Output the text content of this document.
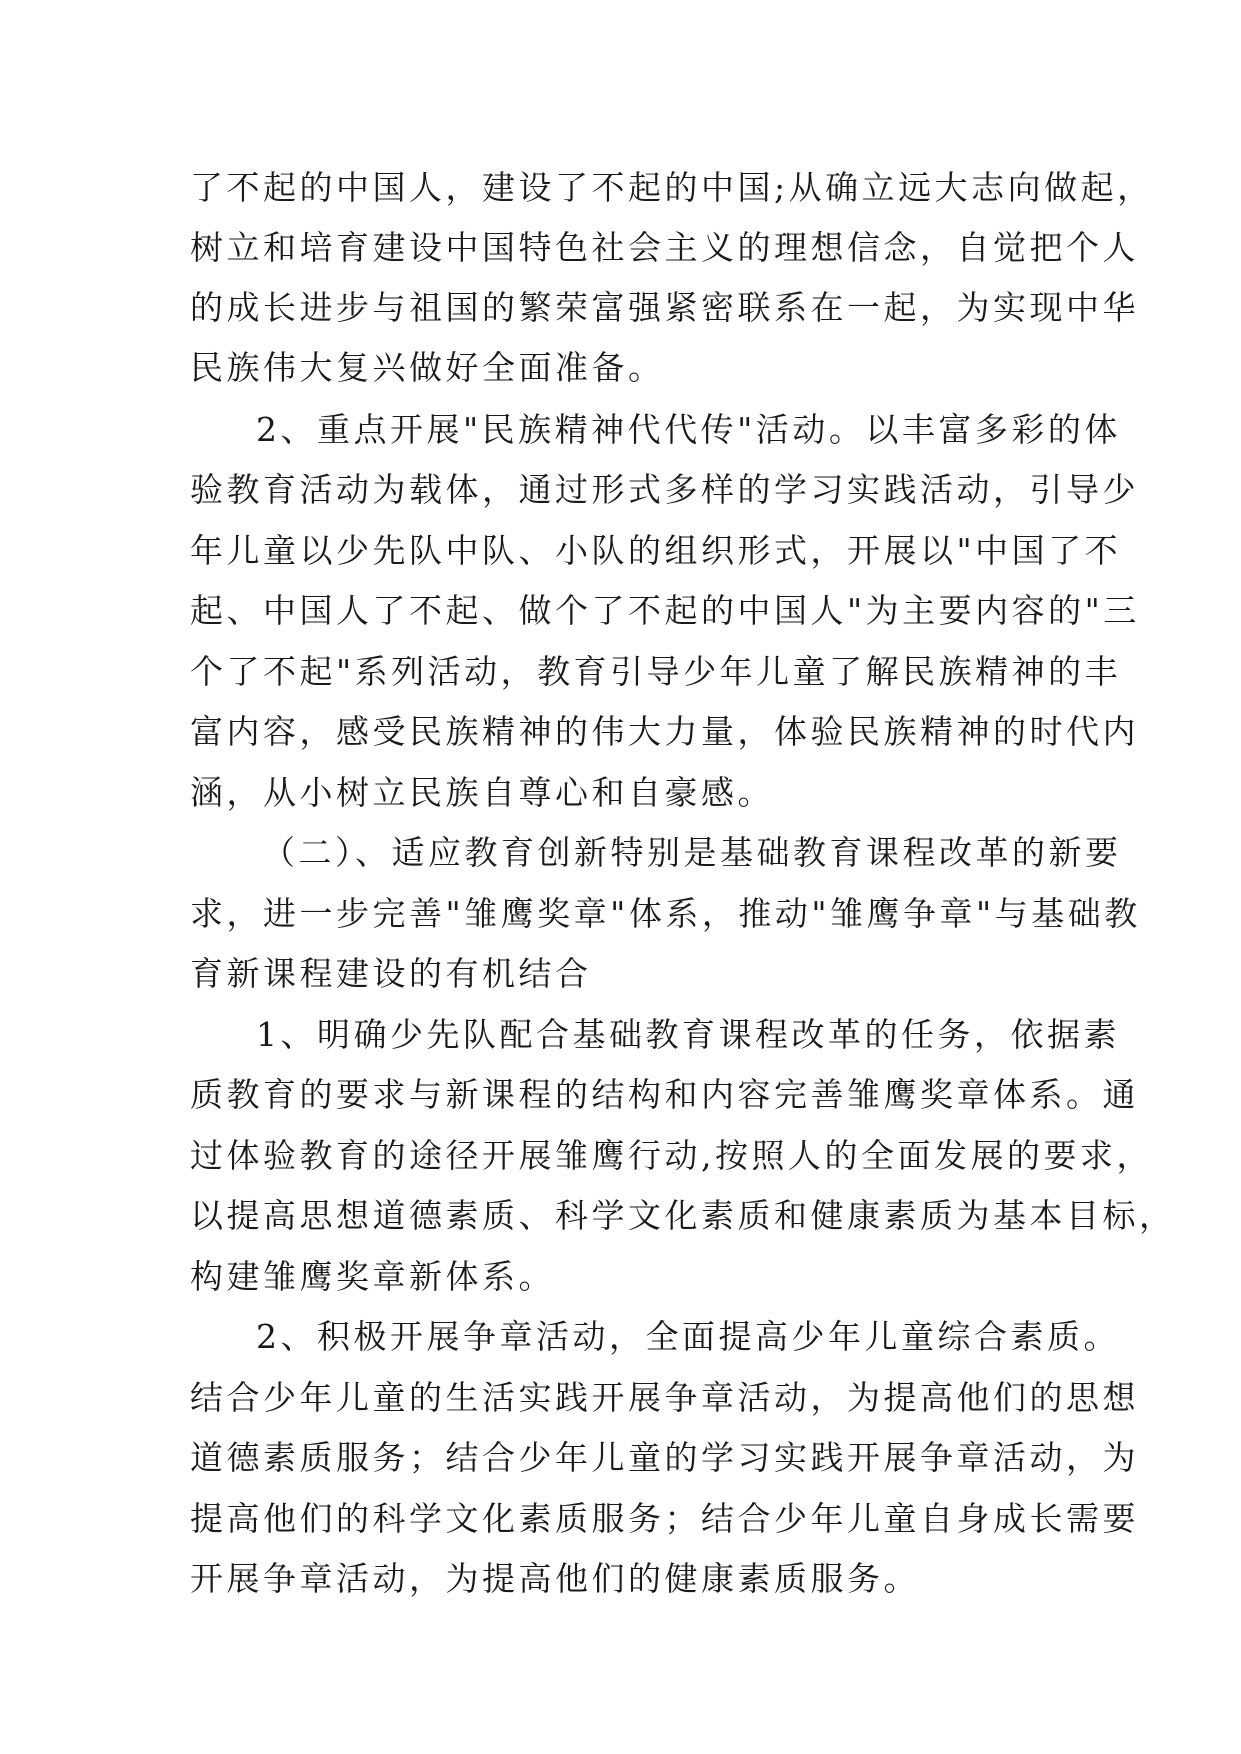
了不起的中国人，建设了不起的中国;从确立远大志向做起，
树立和培育建设中国特色社会主义的理想信念，自觉把个人
的成长进步与祖国的繁荣富强紧密联系在一起，为实现中华
民族伟大复兴做好全面准备。
2、重点开展"民族精神代代传"活动。以丰富多彩的体
验教育活动为载体，通过形式多样的学习实践活动，引导少
年儿童以少先队中队、小队的组织形式，开展以"中国了不
起、中国人了不起、做个了不起的中国人"为主要内容的"三
个了不起"系列活动，教育引导少年儿童了解民族精神的丰
富内容，感受民族精神的伟大力量，体验民族精神的时代内
涵，从小树立民族自尊心和自豪感。
（二）、适应教育创新特别是基础教育课程改革的新要
求，进一步完善"雏鹰奖章"体系，推动"雏鹰争章"与基础教
育新课程建设的有机结合
1、明确少先队配合基础教育课程改革的任务，依据素
质教育的要求与新课程的结构和内容完善雏鹰奖章体系。通
过体验教育的途径开展雏鹰行动,按照人的全面发展的要求，
以提高思想道德素质、科学文化素质和健康素质为基本目标，
构建雏鹰奖章新体系。
2、积极开展争章活动，全面提高少年儿童综合素质。
结合少年儿童的生活实践开展争章活动，为提高他们的思想
道德素质服务；结合少年儿童的学习实践开展争章活动，为
提高他们的科学文化素质服务；结合少年儿童自身成长需要
开展争章活动，为提高他们的健康素质服务。
